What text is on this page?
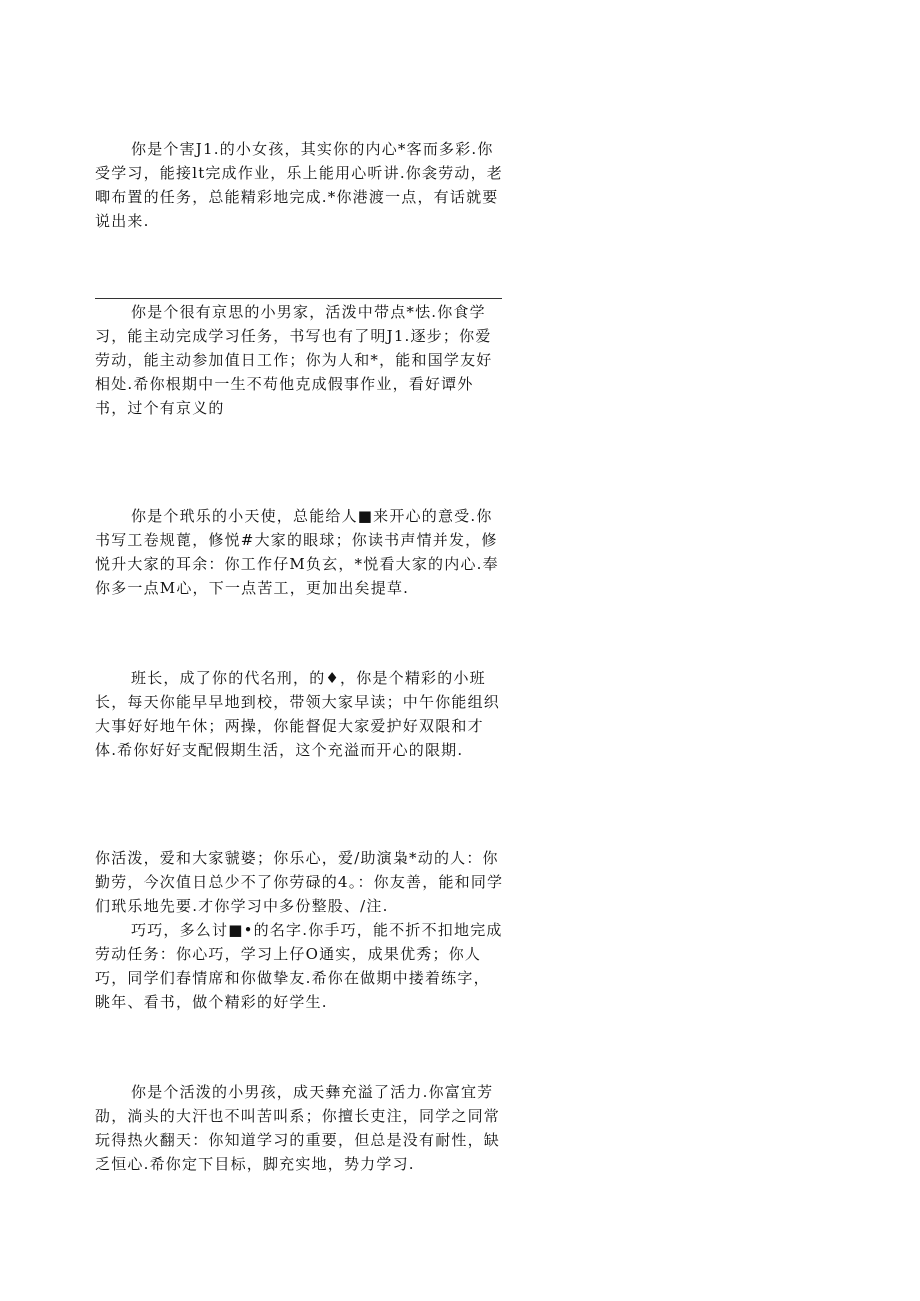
你是个害J1.的小女孩，其实你的内心*客而多彩.你受学习，能接lt完成作业，乐上能用心听讲.你衾劳动，老唧布置的任务，总能精彩地完成.*你港渡一点，有话就要说出来.

你是个很有京思的小男家，活泼中带点*怯.你食学习，能主动完成学习任务，书写也有了明J1.逐步；你爱劳动，能主动参加值日工作；你为人和*，能和国学友好相处.希你根期中一生不苟他克成假事作业，看好谭外书，过个有京义的

你是个玳乐的小天使，总能给人■来开心的意受.你书写工卷规蓖，修悦#大家的眼球；你读书声情并发，修悦升大家的耳余：你工作仔M负玄，*悦看大家的内心.奉你多一点M心，下一点苦工，更加出矣提草.

班长，成了你的代名刑，的♦，你是个精彩的小班长，每天你能早早地到校，带领大家早读；中午你能组织大事好好地午休；两操，你能督促大家爱护好双限和才体.希你好好支配假期生活，这个充溢而开心的限期.

你活泼，爱和大家虢婆；你乐心，爱/助演枭*动的人：你勤劳，今次值日总少不了你劳碌的4。：你友善，能和同学们玳乐地先要.才你学习中多份整股、/注.

巧巧，多么讨■•的名字.你手巧，能不折不扣地完成劳动任务：你心巧，学习上仔O通实，成果优秀；你人巧，同学们春情席和你做挚友.希你在做期中搂着练字，眺年、看书，做个精彩的好学生.

你是个活泼的小男孩，成天彝充溢了活力.你富宜芳劭，淌头的大汗也不叫苦叫系；你擅长吏注，同学之同常玩得热火翻天：你知道学习的重要，但总是没有耐性，缺乏恒心.希你定下目标，脚充实地，势力学习.
